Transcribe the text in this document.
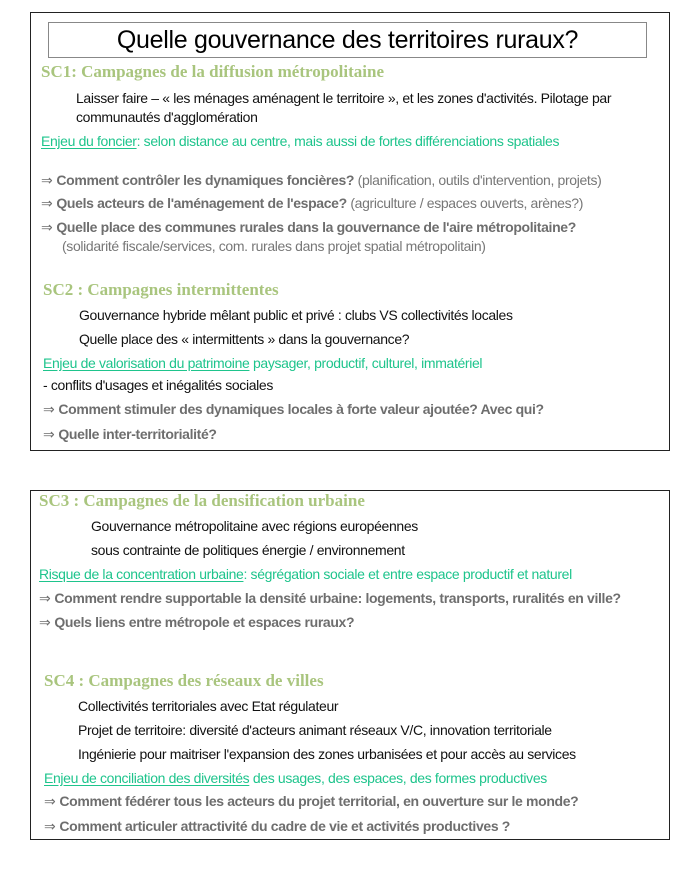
Quelle gouvernance des territoires ruraux?
SC1: Campagnes de la diffusion métropolitaine
Laisser faire – « les ménages aménagent le territoire », et les zones d'activités. Pilotage par
communautés d'agglomération
Enjeu du foncier: selon distance au centre, mais aussi de fortes différenciations spatiales
⇒ Comment contrôler les dynamiques foncières? (planification, outils d'intervention, projets)
⇒ Quels acteurs de l'aménagement de l'espace? (agriculture / espaces ouverts, arènes?)
⇒ Quelle place des communes rurales dans la gouvernance de l'aire métropolitaine?
(solidarité fiscale/services, com. rurales dans projet spatial métropolitain)
SC2 : Campagnes intermittentes
Gouvernance hybride mêlant public et privé : clubs VS collectivités locales
Quelle place des « intermittents » dans la gouvernance?
Enjeu de valorisation du patrimoine paysager, productif, culturel, immatériel
- conflits d'usages et inégalités sociales
⇒ Comment stimuler des dynamiques locales à forte valeur ajoutée? Avec qui?
⇒ Quelle inter-territorialité?
SC3 : Campagnes de la densification urbaine
Gouvernance métropolitaine avec régions européennes
sous contrainte de politiques énergie / environnement
Risque de la concentration urbaine: ségrégation sociale et entre espace productif et naturel
⇒ Comment rendre supportable la densité urbaine: logements, transports, ruralités en ville?
⇒ Quels liens entre métropole et espaces ruraux?
SC4 : Campagnes des réseaux de villes
Collectivités territoriales avec Etat régulateur
Projet de territoire: diversité d'acteurs animant réseaux V/C, innovation territoriale
Ingénierie pour maitriser l'expansion des zones urbanisées et pour accès au services
Enjeu de conciliation des diversités des usages, des espaces, des formes productives
⇒ Comment fédérer tous les acteurs du projet territorial, en ouverture sur le monde?
⇒ Comment articuler attractivité du cadre de vie et activités productives ?
